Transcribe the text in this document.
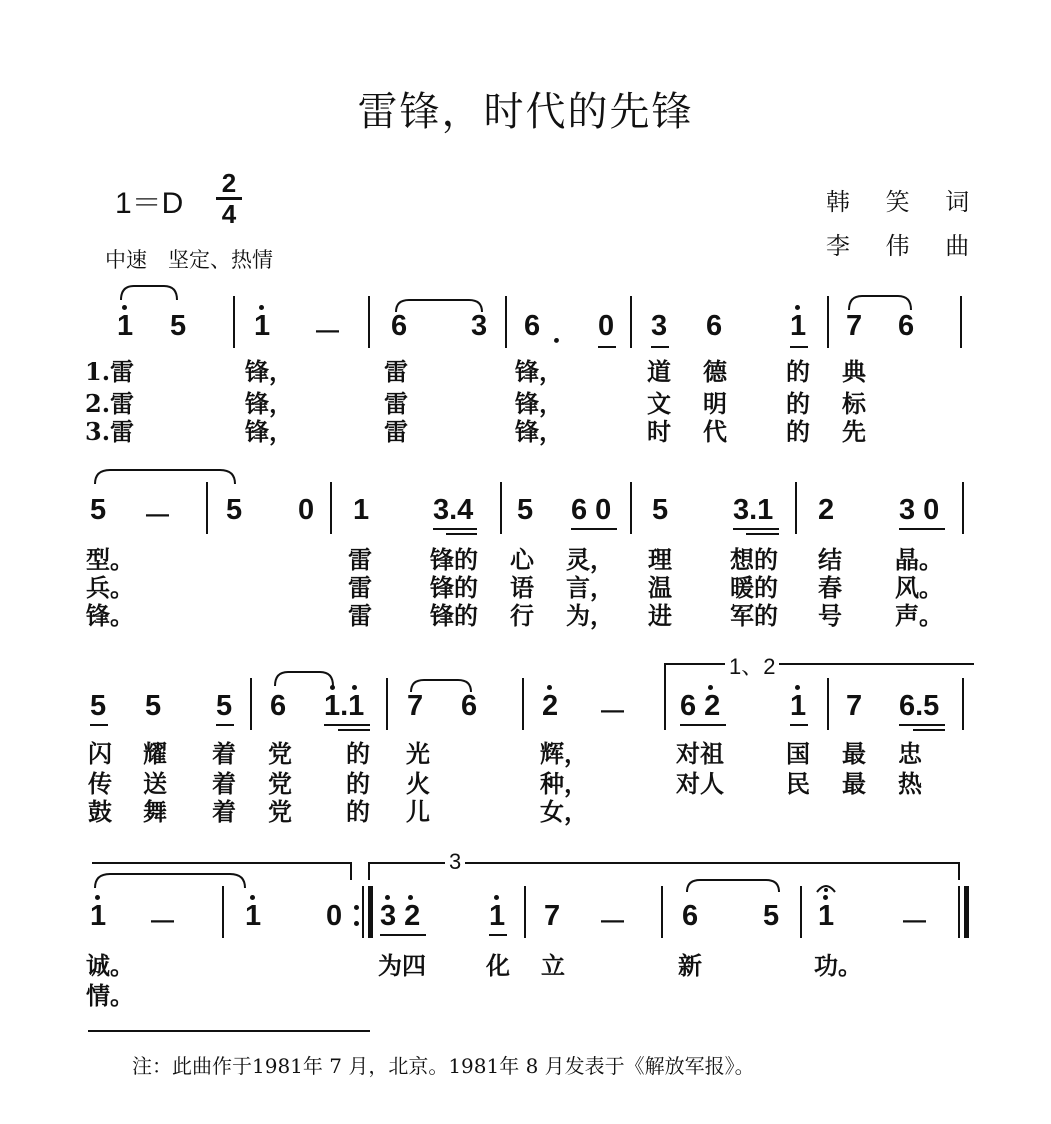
雷锋，时代的先锋
1＝D
2
4	韩 笑 词
李 伟 曲
中速　坚定、热情
1 5 1 － 6 3 6 ． 0 3 6 1 7 6
1.雷	锋，	雷	锋，	道 德 的 典
2.雷	锋，	雷	锋，	文 明 的 标
3.雷	锋，	雷	锋，	时 代 的 先
5 － 5 0 1 3.4 5 6 0 5 3.1 2 3 0
型。	雷 锋的 心 灵， 理 想的 结 晶。
兵。	雷 锋的 语 言， 温 暖的 春 风。
锋。	雷 锋的 行 为， 进 军的 号 声。
1、2
5 5 5 6 1.1 7 6 2 － 6 2 1 7 6.5
闪 耀 着 党 的 光	辉，	对祖	国 最 忠
传 送 着 党 的 火	种，	对人	民 最 热
鼓 舞 着 党 的 儿	女，
3
1 － 1 0 3 2 1 7 － 6 5 1 －
诚。	为四	化 立	新	功。
情。
注：此曲作于1981年 7 月，北京。1981年 8 月发表于《解放军报》。
